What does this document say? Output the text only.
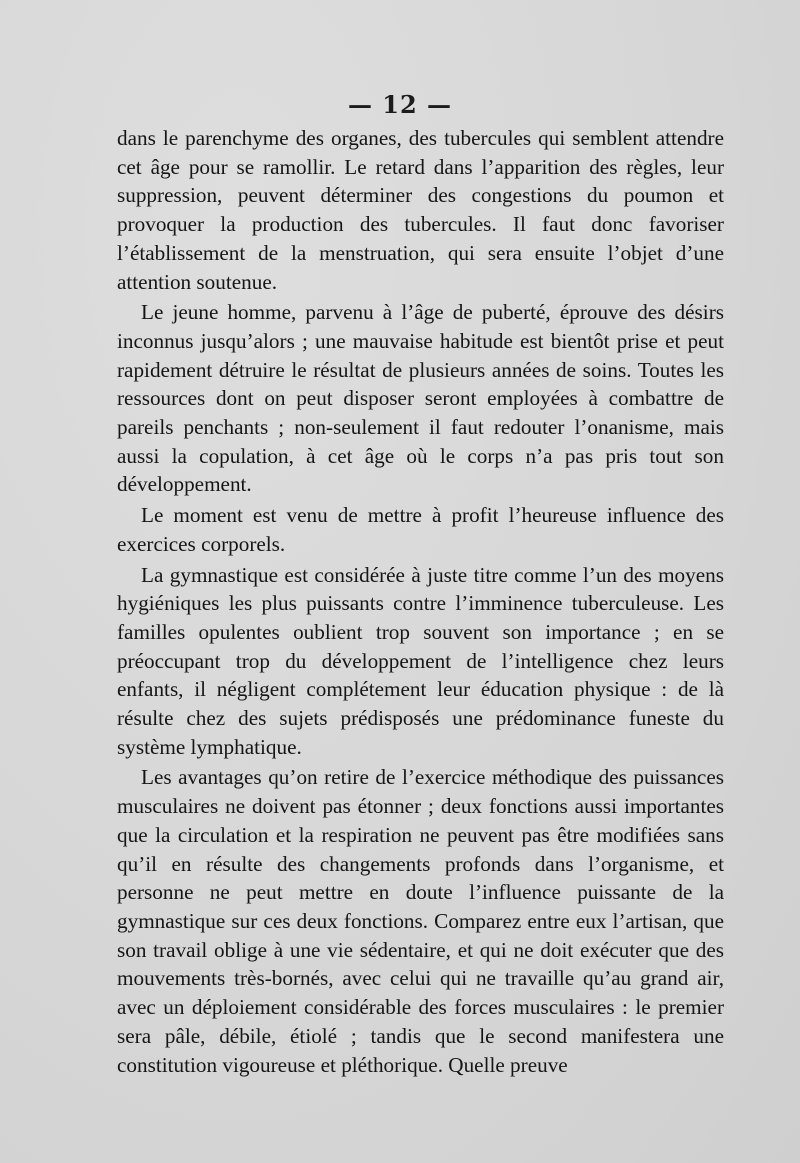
— 12 —

dans le parenchyme des organes, des tubercules qui semblent attendre cet âge pour se ramollir. Le retard dans l’apparition des règles, leur suppression, peuvent déterminer des congestions du poumon et provoquer la production des tubercules. Il faut donc favoriser l’établissement de la menstruation, qui sera ensuite l’objet d’une attention soutenue.

Le jeune homme, parvenu à l’âge de puberté, éprouve des désirs inconnus jusqu’alors ; une mauvaise habitude est bientôt prise et peut rapidement détruire le résultat de plusieurs années de soins. Toutes les ressources dont on peut disposer seront employées à combattre de pareils penchants ; non-seulement il faut redouter l’onanisme, mais aussi la copulation, à cet âge où le corps n’a pas pris tout son développement.

Le moment est venu de mettre à profit l’heureuse influence des exercices corporels.

La gymnastique est considérée à juste titre comme l’un des moyens hygiéniques les plus puissants contre l’imminence tuberculeuse. Les familles opulentes oublient trop souvent son importance ; en se préoccupant trop du développement de l’intelligence chez leurs enfants, il négligent complétement leur éducation physique : de là résulte chez des sujets prédisposés une prédominance funeste du système lymphatique.

Les avantages qu’on retire de l’exercice méthodique des puissances musculaires ne doivent pas étonner ; deux fonctions aussi importantes que la circulation et la respiration ne peuvent pas être modifiées sans qu’il en résulte des changements profonds dans l’organisme, et personne ne peut mettre en doute l’influence puissante de la gymnastique sur ces deux fonctions. Comparez entre eux l’artisan, que son travail oblige à une vie sédentaire, et qui ne doit exécuter que des mouvements très-bornés, avec celui qui ne travaille qu’au grand air, avec un déploiement considérable des forces musculaires : le premier sera pâle, débile, étiolé ; tandis que le second manifestera une constitution vigoureuse et pléthorique. Quelle preuve
